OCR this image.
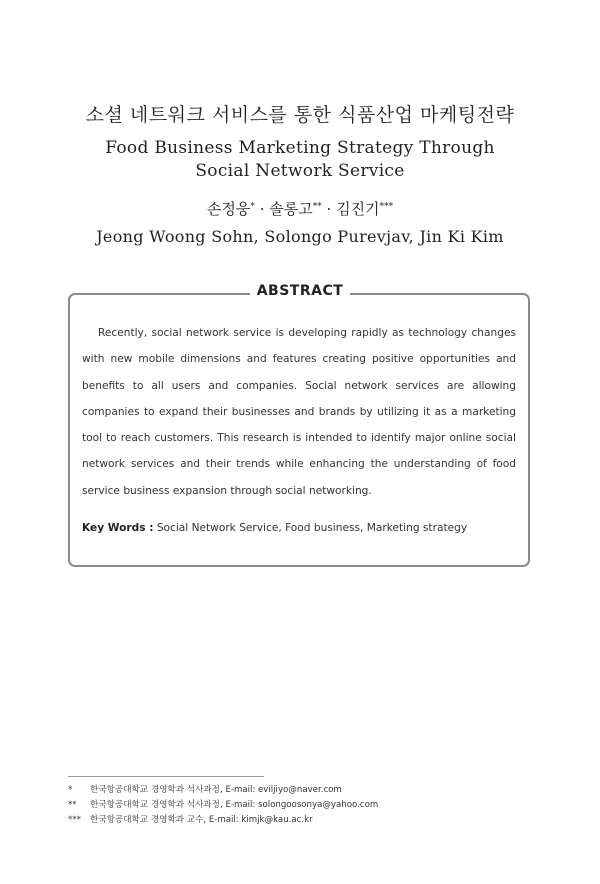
소셜 네트워크 서비스를 통한 식품산업 마케팅전략
Food Business Marketing Strategy Through Social Network Service
손정웅* · 솔롱고** · 김진기***
Jeong Woong Sohn, Solongo Purevjav, Jin Ki Kim
ABSTRACT
Recently, social network service is developing rapidly as technology changes with new mobile dimensions and features creating positive opportunities and benefits to all users and companies. Social network services are allowing companies to expand their businesses and brands by utilizing it as a marketing tool to reach customers. This research is intended to identify major online social network services and their trends while enhancing the understanding of food service business expansion through social networking.
Key Words : Social Network Service, Food business, Marketing strategy
* 한국항공대학교 경영학과 석사과정, E-mail: eviljiyo@naver.com
** 한국항공대학교 경영학과 석사과정, E-mail: solongoosonya@yahoo.com
*** 한국항공대학교 경영학과 교수, E-mail: kimjk@kau.ac.kr
